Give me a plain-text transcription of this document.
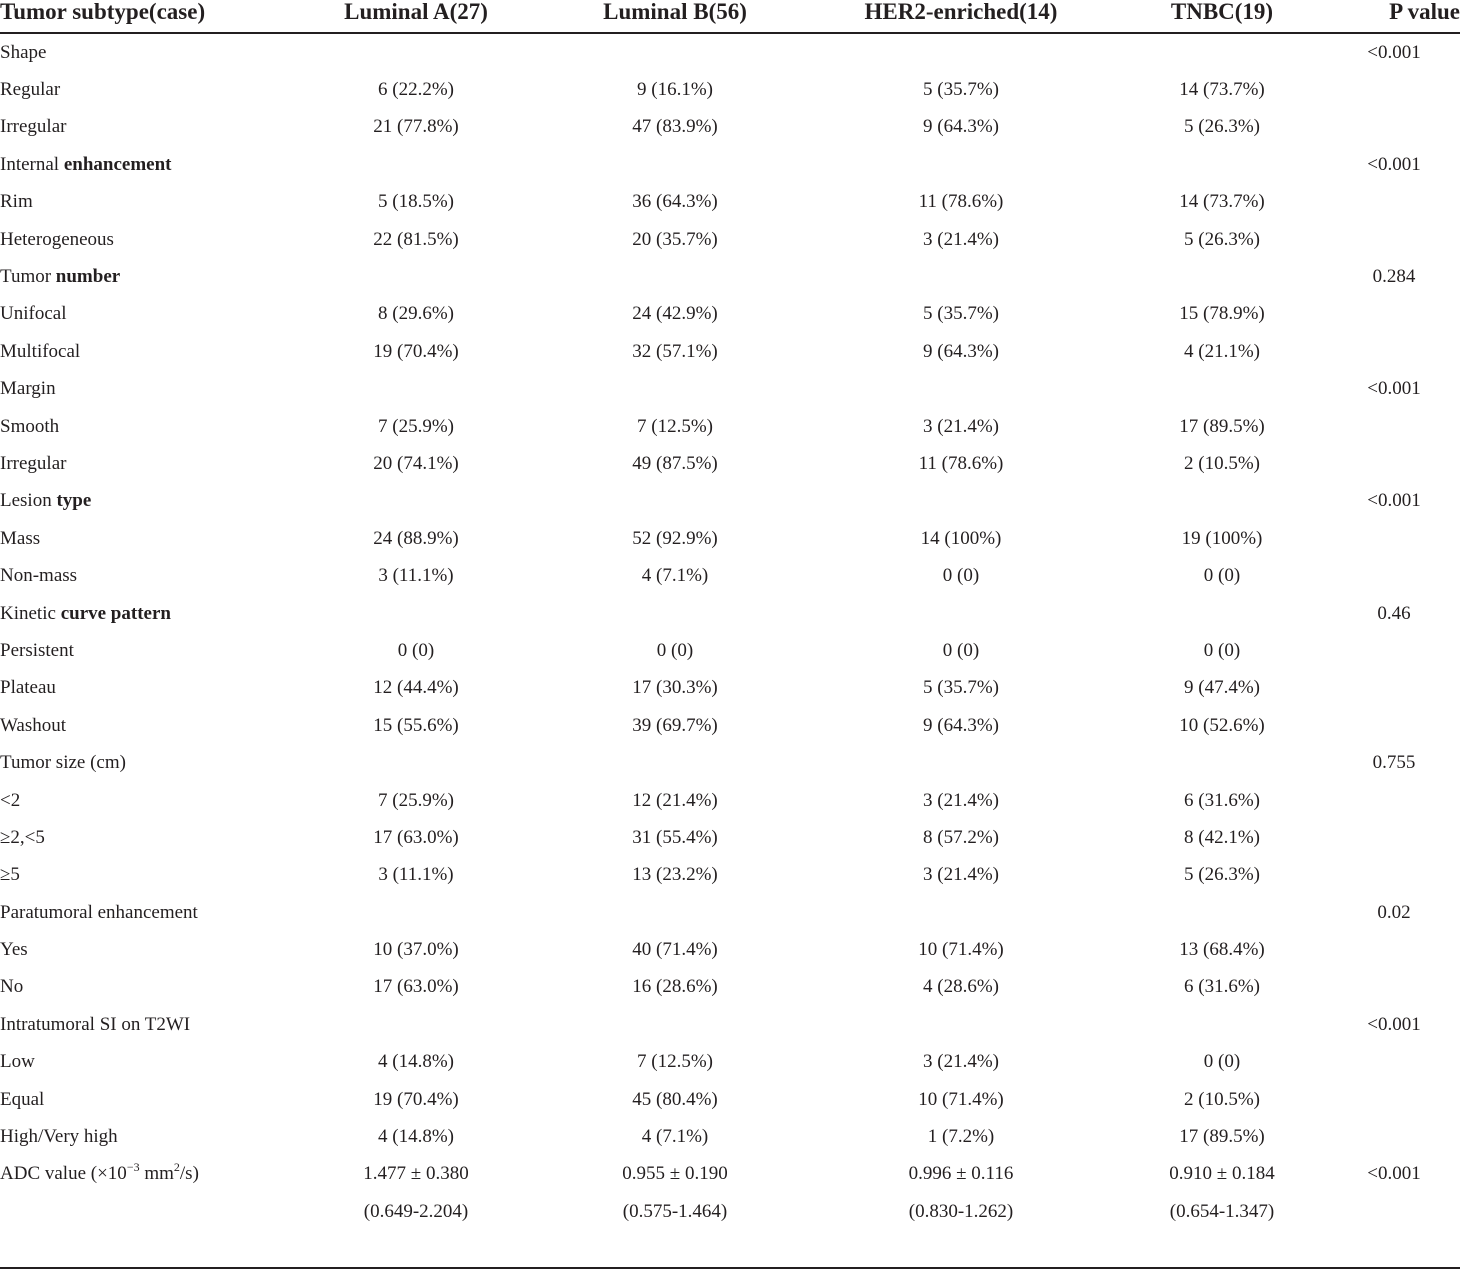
Tumor subtype(case)	Luminal A(27)	Luminal B(56)	HER2-enriched(14)	TNBC(19)	P value

Shape					<0.001
Regular	6 (22.2%)	9 (16.1%)	5 (35.7%)	14 (73.7%)	
Irregular	21 (77.8%)	47 (83.9%)	9 (64.3%)	5 (26.3%)	
Internal enhancement					<0.001
Rim	5 (18.5%)	36 (64.3%)	11 (78.6%)	14 (73.7%)	
Heterogeneous	22 (81.5%)	20 (35.7%)	3 (21.4%)	5 (26.3%)	
Tumor number					0.284
Unifocal	8 (29.6%)	24 (42.9%)	5 (35.7%)	15 (78.9%)	
Multifocal	19 (70.4%)	32 (57.1%)	9 (64.3%)	4 (21.1%)	
Margin					<0.001
Smooth	7 (25.9%)	7 (12.5%)	3 (21.4%)	17 (89.5%)	
Irregular	20 (74.1%)	49 (87.5%)	11 (78.6%)	2 (10.5%)	
Lesion type					<0.001
Mass	24 (88.9%)	52 (92.9%)	14 (100%)	19 (100%)	
Non-mass	3 (11.1%)	4 (7.1%)	0 (0)	0 (0)	
Kinetic curve pattern					0.46
Persistent	0 (0)	0 (0)	0 (0)	0 (0)	
Plateau	12 (44.4%)	17 (30.3%)	5 (35.7%)	9 (47.4%)	
Washout	15 (55.6%)	39 (69.7%)	9 (64.3%)	10 (52.6%)	
Tumor size (cm)					0.755
<2	7 (25.9%)	12 (21.4%)	3 (21.4%)	6 (31.6%)	
≥2,<5	17 (63.0%)	31 (55.4%)	8 (57.2%)	8 (42.1%)	
≥5	3 (11.1%)	13 (23.2%)	3 (21.4%)	5 (26.3%)	
Paratumoral enhancement					0.02
Yes	10 (37.0%)	40 (71.4%)	10 (71.4%)	13 (68.4%)	
No	17 (63.0%)	16 (28.6%)	4 (28.6%)	6 (31.6%)	
Intratumoral SI on T2WI					<0.001
Low	4 (14.8%)	7 (12.5%)	3 (21.4%)	0 (0)	
Equal	19 (70.4%)	45 (80.4%)	10 (71.4%)	2 (10.5%)	
High/Very high	4 (14.8%)	4 (7.1%)	1 (7.2%)	17 (89.5%)	
ADC value ($\times 10^{-3}$ $mm^2/s$)	1.477 ± 0.380	0.955 ± 0.190	0.996 ± 0.116	0.910 ± 0.184	<0.001
	(0.649-2.204)	(0.575-1.464)	(0.830-1.262)	(0.654-1.347)	
